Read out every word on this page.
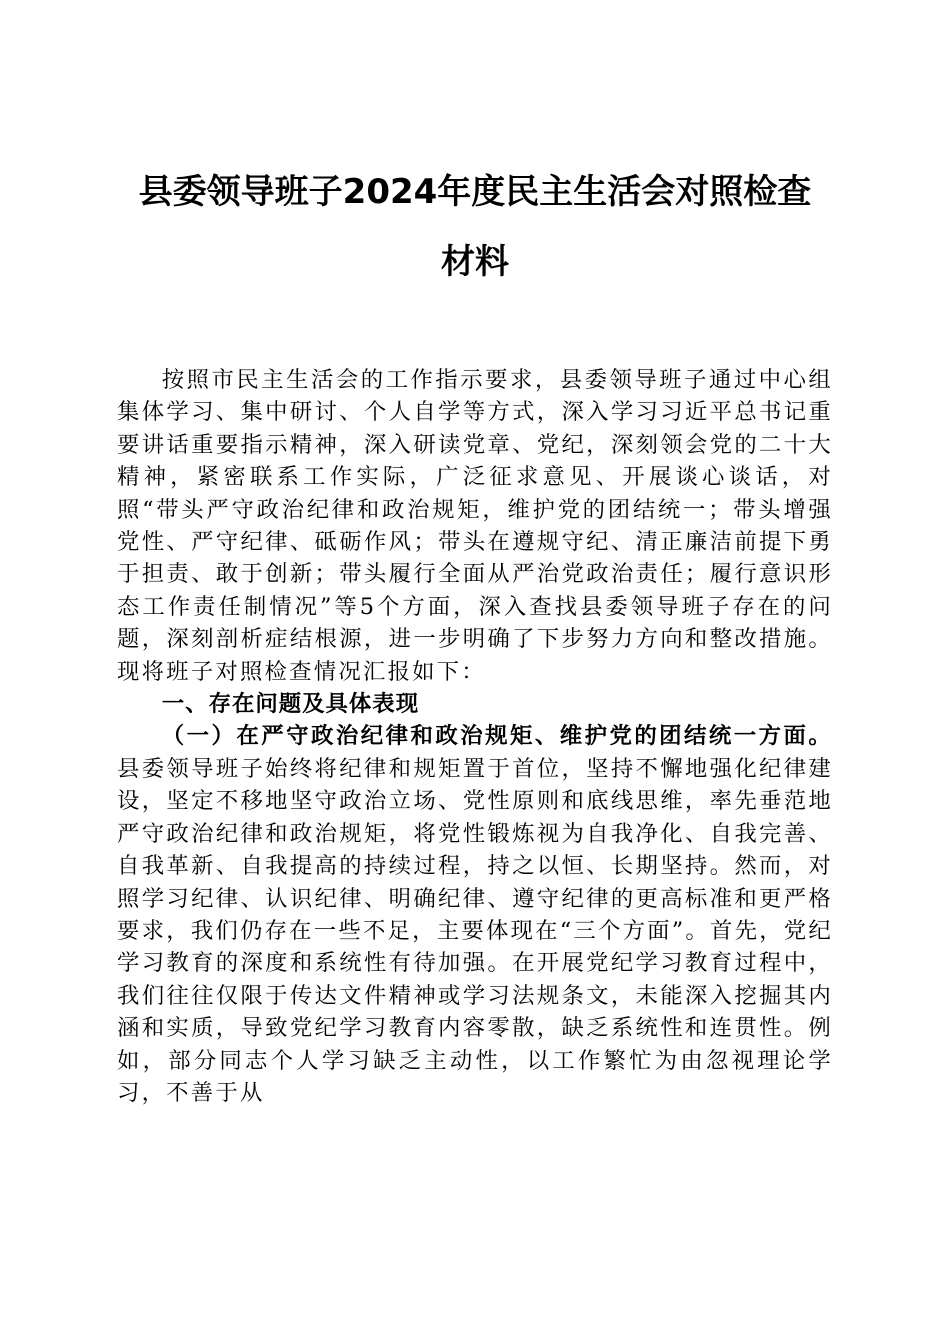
县委领导班子2024年度民主生活会对照检查
材料

按照市民主生活会的工作指示要求，县委领导班子通过中心组集体学习、集中研讨、个人自学等方式，深入学习习近平总书记重要讲话重要指示精神，深入研读党章、党纪，深刻领会党的二十大精神，紧密联系工作实际，广泛征求意见、开展谈心谈话，对照“带头严守政治纪律和政治规矩，维护党的团结统一；带头增强党性、严守纪律、砥砺作风；带头在遵规守纪、清正廉洁前提下勇于担责、敢于创新；带头履行全面从严治党政治责任；履行意识形态工作责任制情况”等5个方面，深入查找县委领导班子存在的问题，深刻剖析症结根源，进一步明确了下步努力方向和整改措施。现将班子对照检查情况汇报如下：

一、存在问题及具体表现

（一）在严守政治纪律和政治规矩、维护党的团结统一方面。县委领导班子始终将纪律和规矩置于首位，坚持不懈地强化纪律建设，坚定不移地坚守政治立场、党性原则和底线思维，率先垂范地严守政治纪律和政治规矩，将党性锻炼视为自我净化、自我完善、自我革新、自我提高的持续过程，持之以恒、长期坚持。然而，对照学习纪律、认识纪律、明确纪律、遵守纪律的更高标准和更严格要求，我们仍存在一些不足，主要体现在“三个方面”。首先，党纪学习教育的深度和系统性有待加强。在开展党纪学习教育过程中，我们往往仅限于传达文件精神或学习法规条文，未能深入挖掘其内涵和实质，导致党纪学习教育内容零散，缺乏系统性和连贯性。例如，部分同志个人学习缺乏主动性，以工作繁忙为由忽视理论学习，不善于从
